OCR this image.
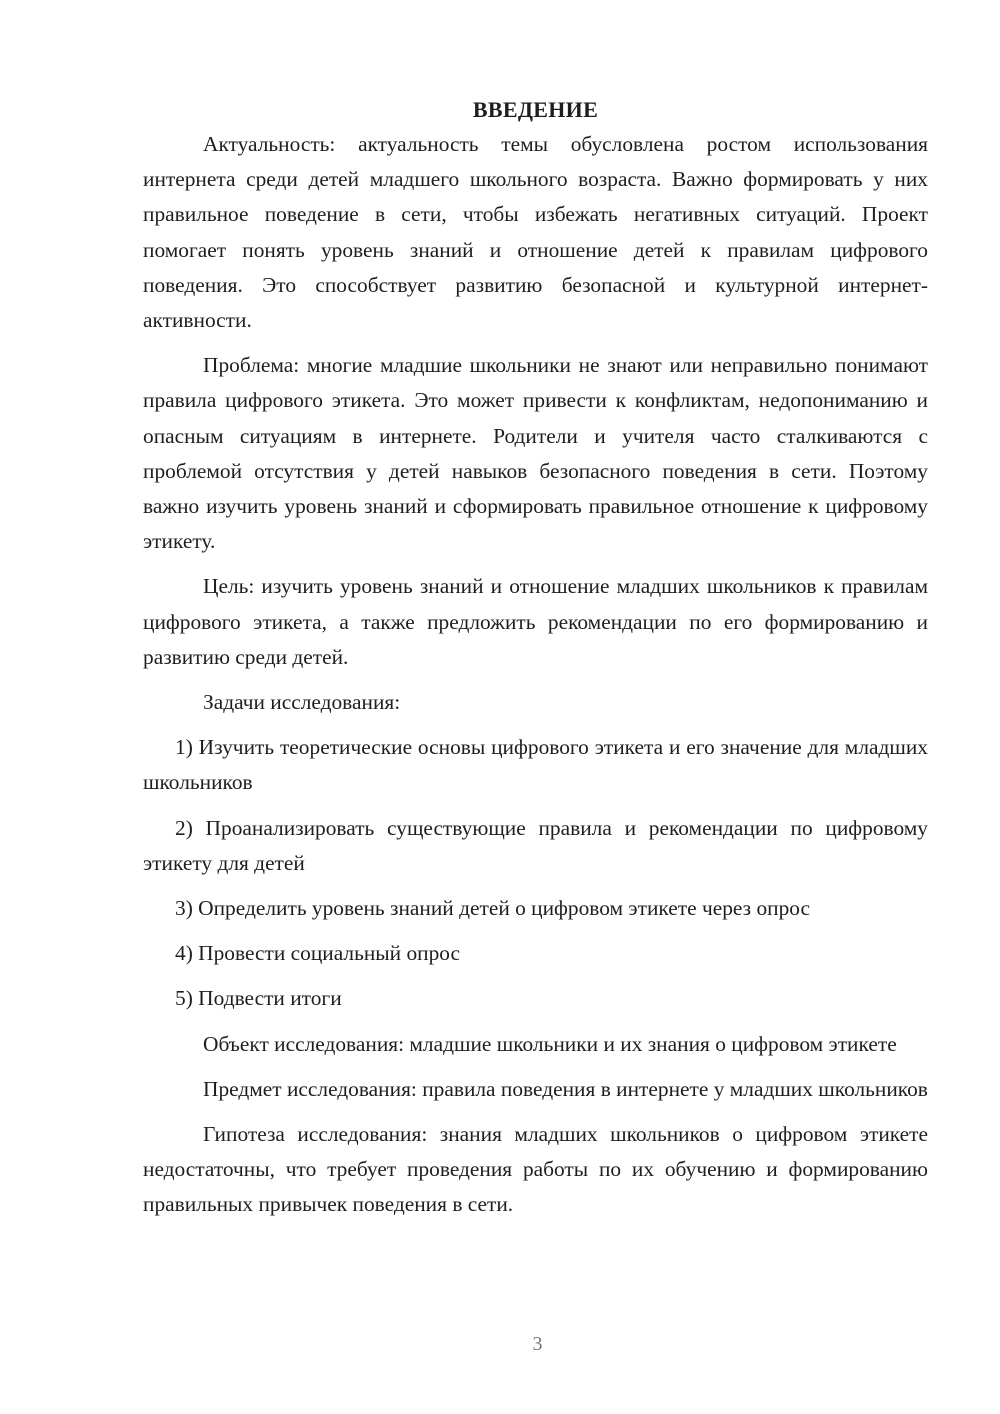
ВВЕДЕНИЕ

Актуальность: актуальность темы обусловлена ростом использования интернета среди детей младшего школьного возраста. Важно формировать у них правильное поведение в сети, чтобы избежать негативных ситуаций. Проект помогает понять уровень знаний и отношение детей к правилам цифрового поведения. Это способствует развитию безопасной и культурной интернет-активности.

Проблема: многие младшие школьники не знают или неправильно понимают правила цифрового этикета. Это может привести к конфликтам, недопониманию и опасным ситуациям в интернете. Родители и учителя часто сталкиваются с проблемой отсутствия у детей навыков безопасного поведения в сети. Поэтому важно изучить уровень знаний и сформировать правильное отношение к цифровому этикету.

Цель: изучить уровень знаний и отношение младших школьников к правилам цифрового этикета, а также предложить рекомендации по его формированию и развитию среди детей.

Задачи исследования:

1) Изучить теоретические основы цифрового этикета и его значение для младших школьников

2) Проанализировать существующие правила и рекомендации по цифровому этикету для детей

3) Определить уровень знаний детей о цифровом этикете через опрос

4) Провести социальный опрос

5) Подвести итоги

Объект исследования: младшие школьники и их знания о цифровом этикете

Предмет исследования: правила поведения в интернете у младших школьников

Гипотеза исследования: знания младших школьников о цифровом этикете недостаточны, что требует проведения работы по их обучению и формированию правильных привычек поведения в сети.

3
